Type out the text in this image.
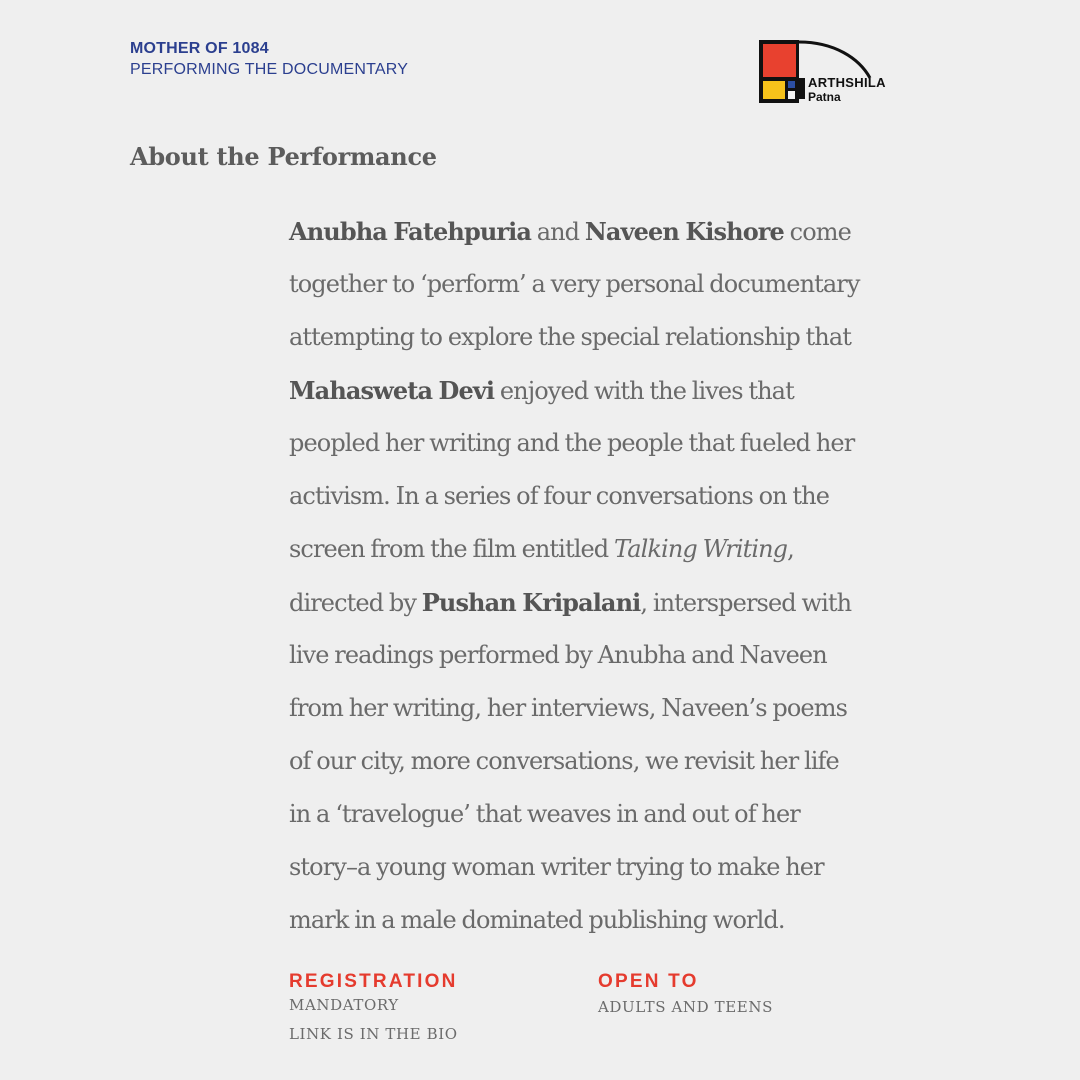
MOTHER OF 1084
PERFORMING THE DOCUMENTARY
ARTHSHILA
Patna
About the Performance
Anubha Fatehpuria and Naveen Kishore come
together to ‘perform’ a very personal documentary
attempting to explore the special relationship that
Mahasweta Devi enjoyed with the lives that
peopled her writing and the people that fueled her
activism. In a series of four conversations on the
screen from the film entitled Talking Writing,
directed by Pushan Kripalani, interspersed with
live readings performed by Anubha and Naveen
from her writing, her interviews, Naveen’s poems
of our city, more conversations, we revisit her life
in a ‘travelogue’ that weaves in and out of her
story–a young woman writer trying to make her
mark in a male dominated publishing world.
REGISTRATION
MANDATORY
LINK IS IN THE BIO
OPEN TO
ADULTS AND TEENS
